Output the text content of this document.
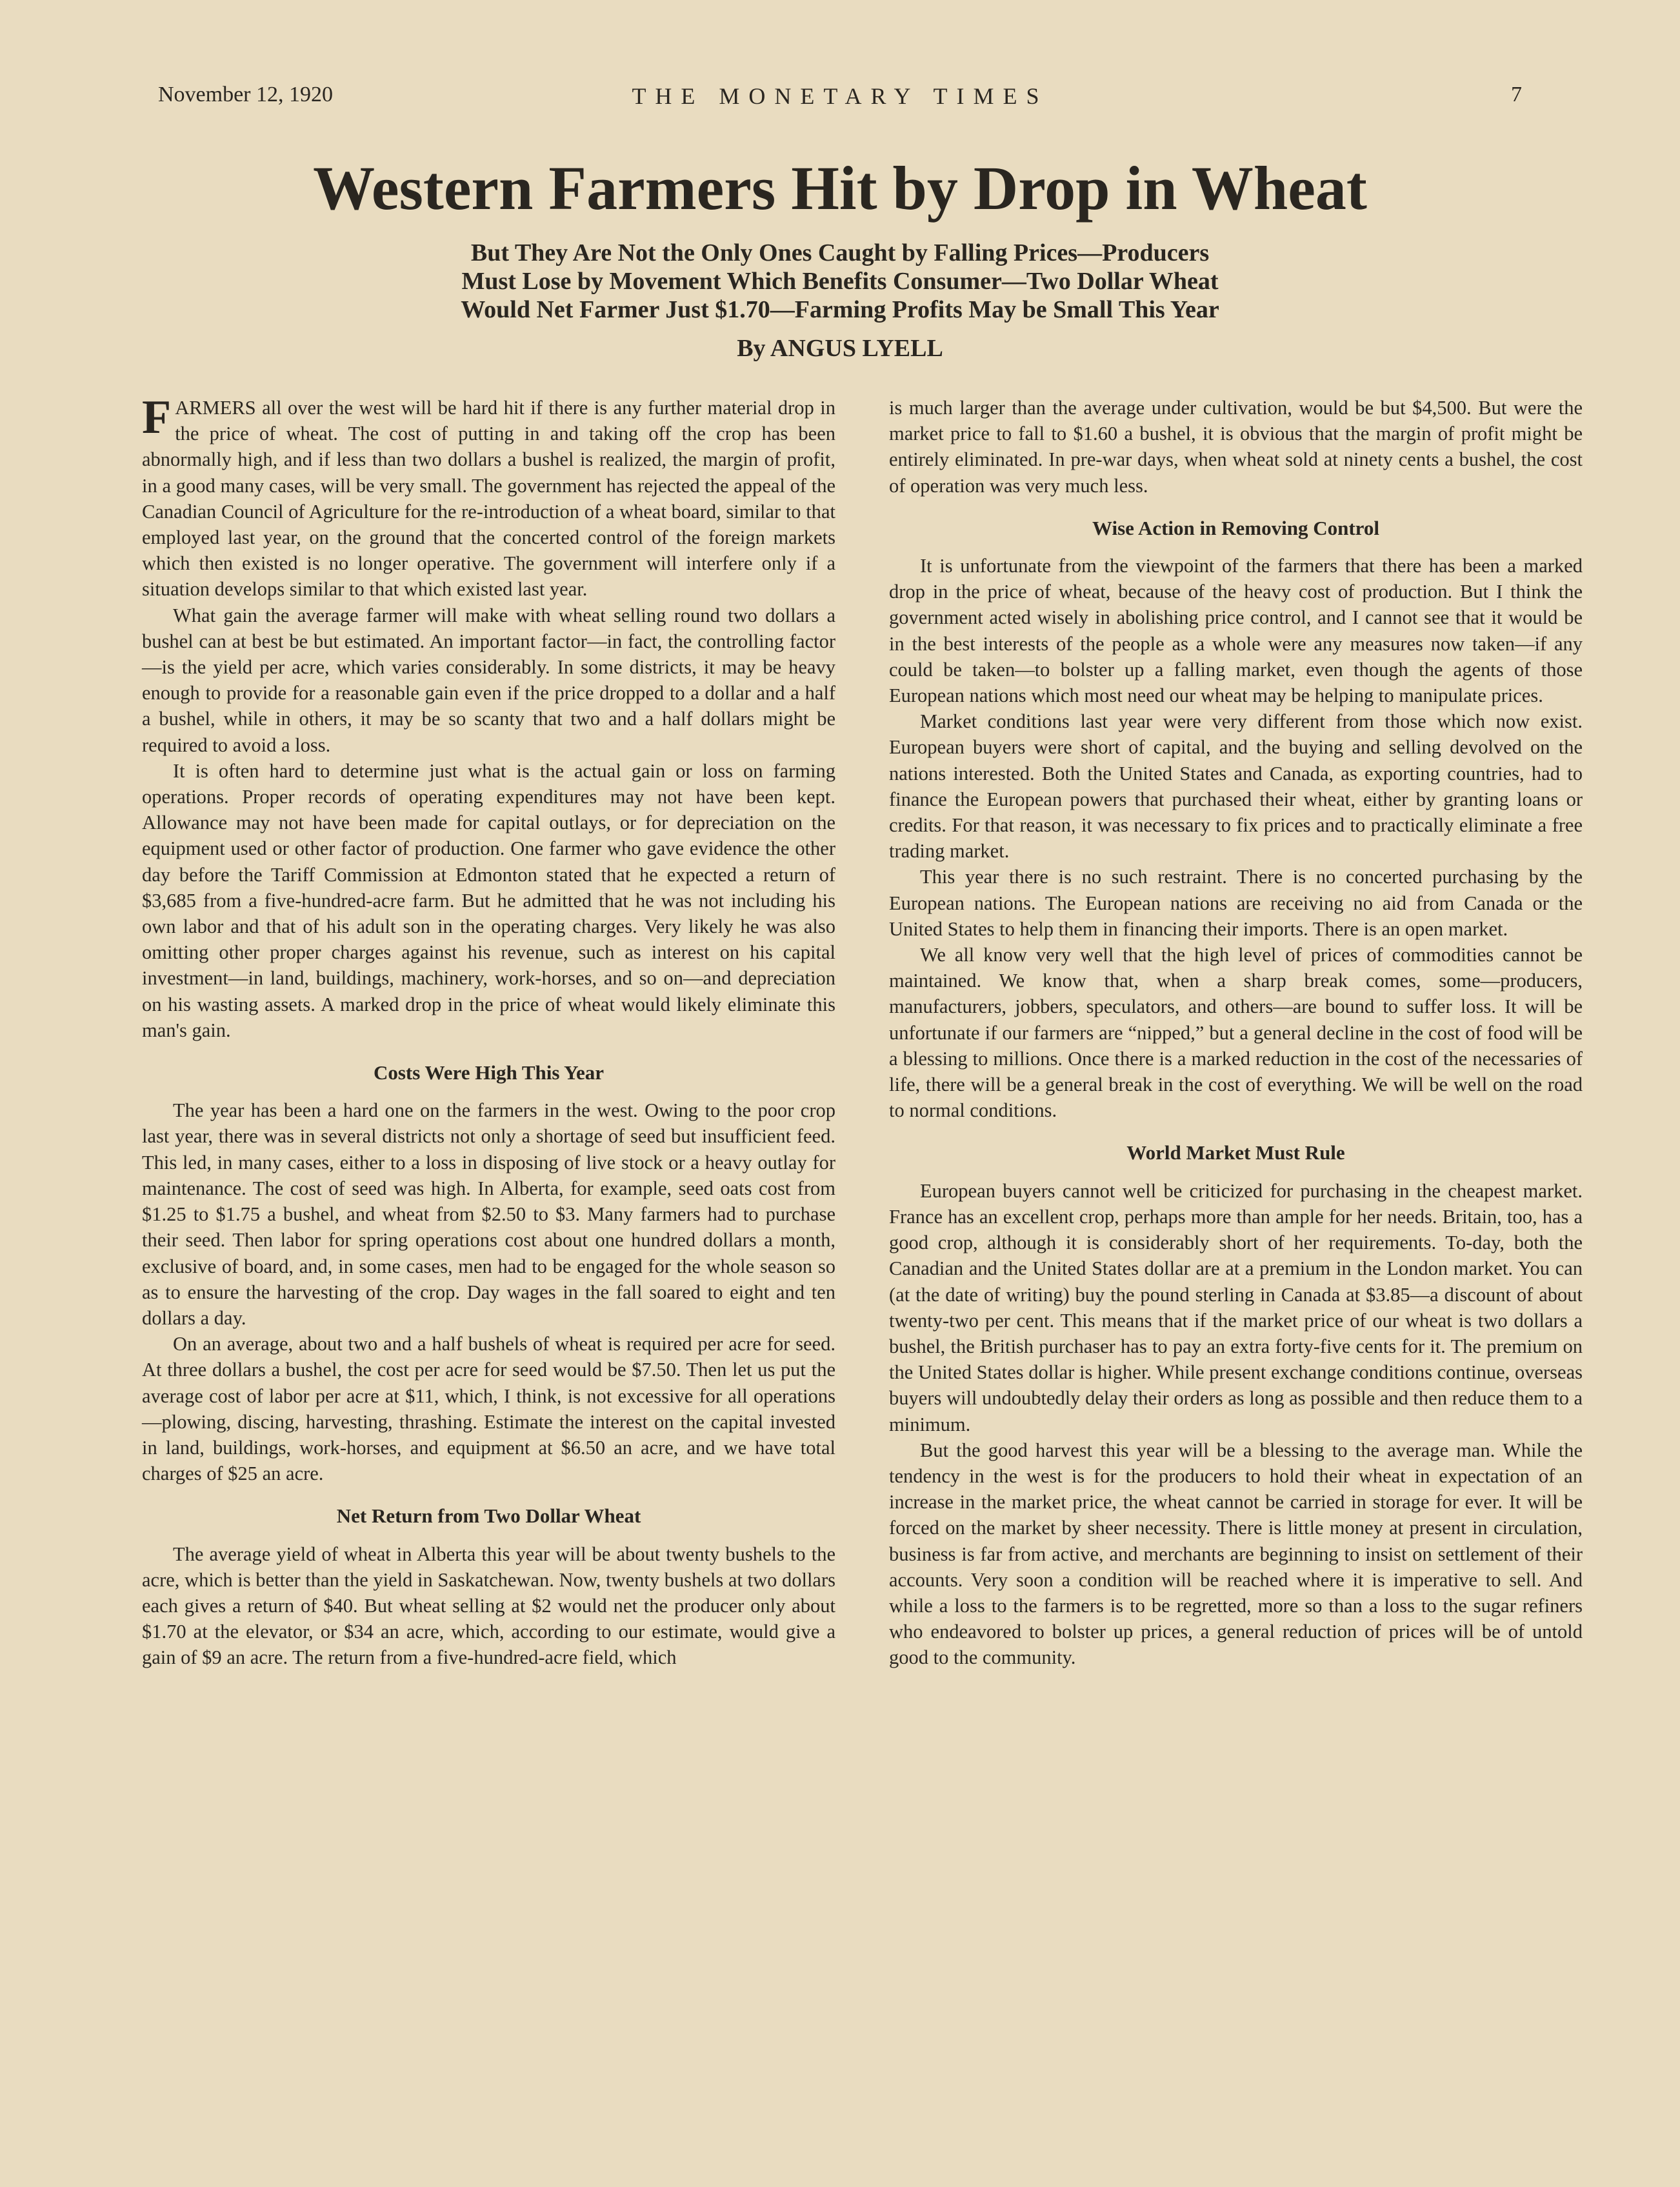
November 12, 1920	THE MONETARY TIMES	7
Western Farmers Hit by Drop in Wheat
But They Are Not the Only Ones Caught by Falling Prices—Producers
Must Lose by Movement Which Benefits Consumer—Two Dollar Wheat
Would Net Farmer Just $1.70—Farming Profits May be Small This Year
By ANGUS LYELL

FARMERS all over the west will be hard hit if there is any further material drop in the price of wheat. The cost of putting in and taking off the crop has been abnormally high, and if less than two dollars a bushel is realized, the margin of profit, in a good many cases, will be very small. The government has rejected the appeal of the Canadian Council of Agriculture for the re-introduction of a wheat board, similar to that employed last year, on the ground that the concerted control of the foreign markets which then existed is no longer operative. The government will interfere only if a situation develops similar to that which existed last year.

What gain the average farmer will make with wheat selling round two dollars a bushel can at best be but estimated. An important factor—in fact, the controlling factor—is the yield per acre, which varies considerably. In some districts, it may be heavy enough to provide for a reasonable gain even if the price dropped to a dollar and a half a bushel, while in others, it may be so scanty that two and a half dollars might be required to avoid a loss.

It is often hard to determine just what is the actual gain or loss on farming operations. Proper records of operating expenditures may not have been kept. Allowance may not have been made for capital outlays, or for depreciation on the equipment used or other factor of production. One farmer who gave evidence the other day before the Tariff Commission at Edmonton stated that he expected a return of $3,685 from a five-hundred-acre farm. But he admitted that he was not including his own labor and that of his adult son in the operating charges. Very likely he was also omitting other proper charges against his revenue, such as interest on his capital investment—in land, buildings, machinery, work-horses, and so on—and depreciation on his wasting assets. A marked drop in the price of wheat would likely eliminate this man's gain.

Costs Were High This Year

The year has been a hard one on the farmers in the west. Owing to the poor crop last year, there was in several districts not only a shortage of seed but insufficient feed. This led, in many cases, either to a loss in disposing of live stock or a heavy outlay for maintenance. The cost of seed was high. In Alberta, for example, seed oats cost from $1.25 to $1.75 a bushel, and wheat from $2.50 to $3. Many farmers had to purchase their seed. Then labor for spring operations cost about one hundred dollars a month, exclusive of board, and, in some cases, men had to be engaged for the whole season so as to ensure the harvesting of the crop. Day wages in the fall soared to eight and ten dollars a day.

On an average, about two and a half bushels of wheat is required per acre for seed. At three dollars a bushel, the cost per acre for seed would be $7.50. Then let us put the average cost of labor per acre at $11, which, I think, is not excessive for all operations—plowing, discing, harvesting, thrashing. Estimate the interest on the capital invested in land, buildings, work-horses, and equipment at $6.50 an acre, and we have total charges of $25 an acre.

Net Return from Two Dollar Wheat

The average yield of wheat in Alberta this year will be about twenty bushels to the acre, which is better than the yield in Saskatchewan. Now, twenty bushels at two dollars each gives a return of $40. But wheat selling at $2 would net the producer only about $1.70 at the elevator, or $34 an acre, which, according to our estimate, would give a gain of $9 an acre. The return from a five-hundred-acre field, which

is much larger than the average under cultivation, would be but $4,500. But were the market price to fall to $1.60 a bushel, it is obvious that the margin of profit might be entirely eliminated. In pre-war days, when wheat sold at ninety cents a bushel, the cost of operation was very much less.

Wise Action in Removing Control

It is unfortunate from the viewpoint of the farmers that there has been a marked drop in the price of wheat, because of the heavy cost of production. But I think the government acted wisely in abolishing price control, and I cannot see that it would be in the best interests of the people as a whole were any measures now taken—if any could be taken—to bolster up a falling market, even though the agents of those European nations which most need our wheat may be helping to manipulate prices.

Market conditions last year were very different from those which now exist. European buyers were short of capital, and the buying and selling devolved on the nations interested. Both the United States and Canada, as exporting countries, had to finance the European powers that purchased their wheat, either by granting loans or credits. For that reason, it was necessary to fix prices and to practically eliminate a free trading market.

This year there is no such restraint. There is no concerted purchasing by the European nations. The European nations are receiving no aid from Canada or the United States to help them in financing their imports. There is an open market.

We all know very well that the high level of prices of commodities cannot be maintained. We know that, when a sharp break comes, some—producers, manufacturers, jobbers, speculators, and others—are bound to suffer loss. It will be unfortunate if our farmers are “nipped,” but a general decline in the cost of food will be a blessing to millions. Once there is a marked reduction in the cost of the necessaries of life, there will be a general break in the cost of everything. We will be well on the road to normal conditions.

World Market Must Rule

European buyers cannot well be criticized for purchasing in the cheapest market. France has an excellent crop, perhaps more than ample for her needs. Britain, too, has a good crop, although it is considerably short of her requirements. To-day, both the Canadian and the United States dollar are at a premium in the London market. You can (at the date of writing) buy the pound sterling in Canada at $3.85—a discount of about twenty-two per cent. This means that if the market price of our wheat is two dollars a bushel, the British purchaser has to pay an extra forty-five cents for it. The premium on the United States dollar is higher. While present exchange conditions continue, overseas buyers will undoubtedly delay their orders as long as possible and then reduce them to a minimum.

But the good harvest this year will be a blessing to the average man. While the tendency in the west is for the producers to hold their wheat in expectation of an increase in the market price, the wheat cannot be carried in storage for ever. It will be forced on the market by sheer necessity. There is little money at present in circulation, business is far from active, and merchants are beginning to insist on settlement of their accounts. Very soon a condition will be reached where it is imperative to sell. And while a loss to the farmers is to be regretted, more so than a loss to the sugar refiners who endeavored to bolster up prices, a general reduction of prices will be of untold good to the community.
